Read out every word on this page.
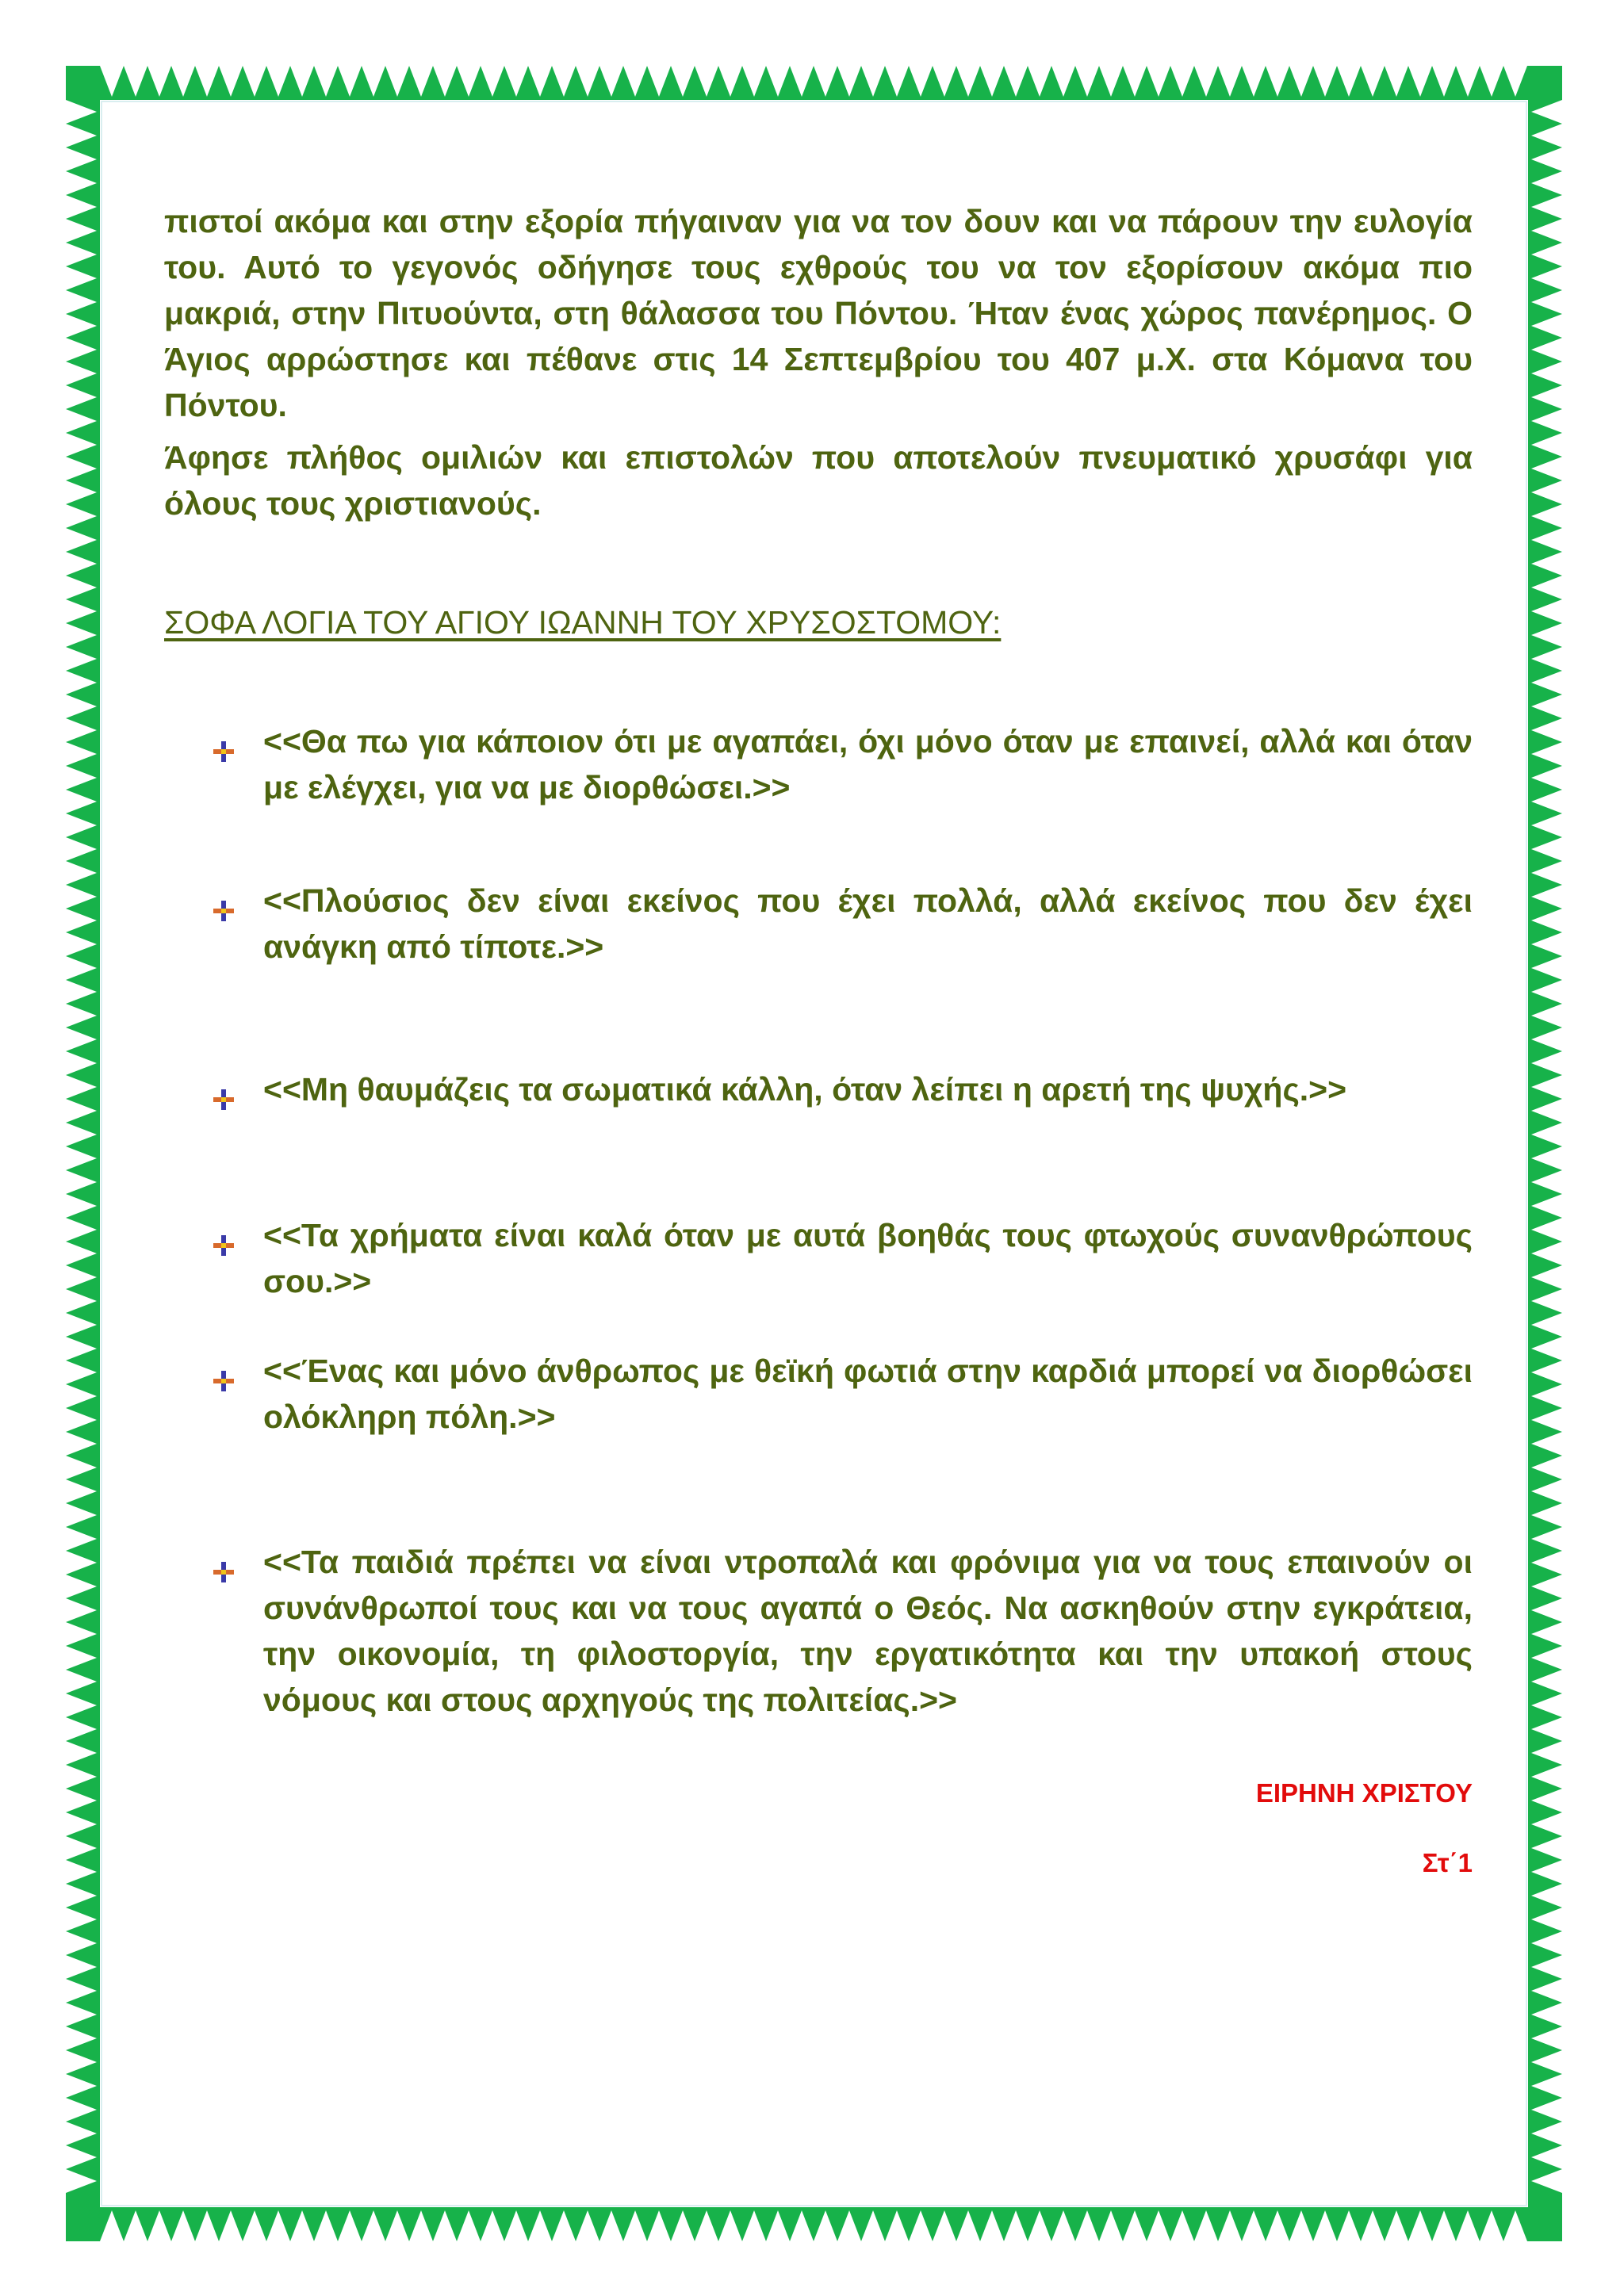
πιστοί ακόμα και στην εξορία πήγαιναν για να τον δουν και να πάρουν την ευλογία του. Αυτό το γεγονός οδήγησε τους εχθρούς του να τον εξορίσουν ακόμα πιο μακριά, στην Πιτυούντα, στη θάλασσα του Πόντου. Ήταν ένας χώρος πανέρημος. Ο Άγιος αρρώστησε και πέθανε στις 14 Σεπτεμβρίου του 407 μ.Χ. στα Κόμανα του Πόντου.

Άφησε πλήθος ομιλιών και επιστολών που αποτελούν πνευματικό χρυσάφι για όλους τους χριστιανούς.

ΣΟΦΑ ΛΟΓΙΑ ΤΟΥ ΑΓΙΟΥ ΙΩΑΝΝΗ ΤΟΥ ΧΡΥΣΟΣΤΟΜΟΥ:
<<Θα πω για κάποιον ότι με αγαπάει, όχι μόνο όταν με επαινεί, αλλά και όταν με ελέγχει, για να με διορθώσει.>>
<<Πλούσιος δεν είναι εκείνος που έχει πολλά, αλλά εκείνος που δεν έχει ανάγκη από τίποτε.>>
<<Μη θαυμάζεις τα σωματικά κάλλη, όταν λείπει η αρετή της ψυχής.>>
<<Τα χρήματα είναι καλά όταν με αυτά βοηθάς τους φτωχούς συνανθρώπους σου.>>
<<Ένας και μόνο άνθρωπος με θεϊκή φωτιά στην καρδιά μπορεί να διορθώσει ολόκληρη πόλη.>>
<<Τα παιδιά πρέπει να είναι ντροπαλά και φρόνιμα για να τους επαινούν οι συνάνθρωποί τους και να τους αγαπά ο Θεός. Να ασκηθούν στην εγκράτεια, την οικονομία, τη φιλοστοργία, την εργατικότητα και την υπακοή στους νόμους και στους αρχηγούς της πολιτείας.>>

ΕΙΡΗΝΗ ΧΡΙΣΤΟΥ

Στ΄1
